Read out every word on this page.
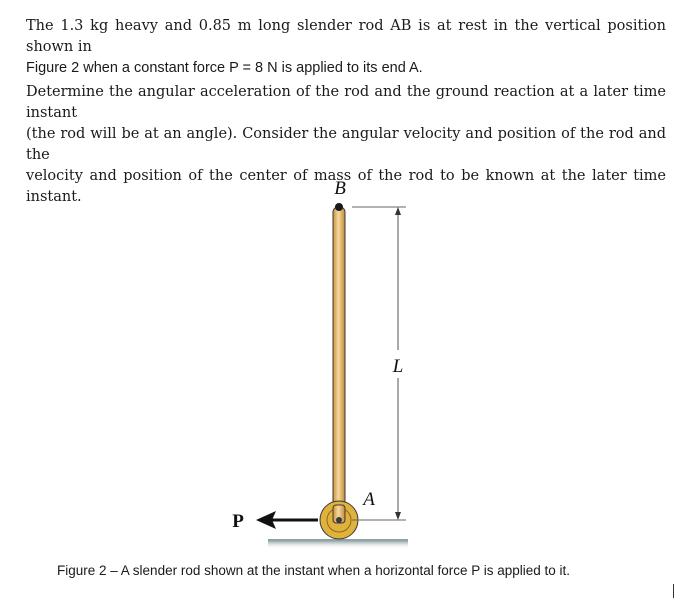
The 1.3 kg heavy and 0.85 m long slender rod AB is at rest in the vertical position shown in
Figure 2 when a constant force P = 8 N is applied to its end A.

Determine the angular acceleration of the rod and the ground reaction at a later time instant
(the rod will be at an angle). Consider the angular velocity and position of the rod and the
velocity and position of the center of mass of the rod to be known at the later time instant.	B
L
A
P

Figure 2 – A slender rod shown at the instant when a horizontal force P is applied to it.
